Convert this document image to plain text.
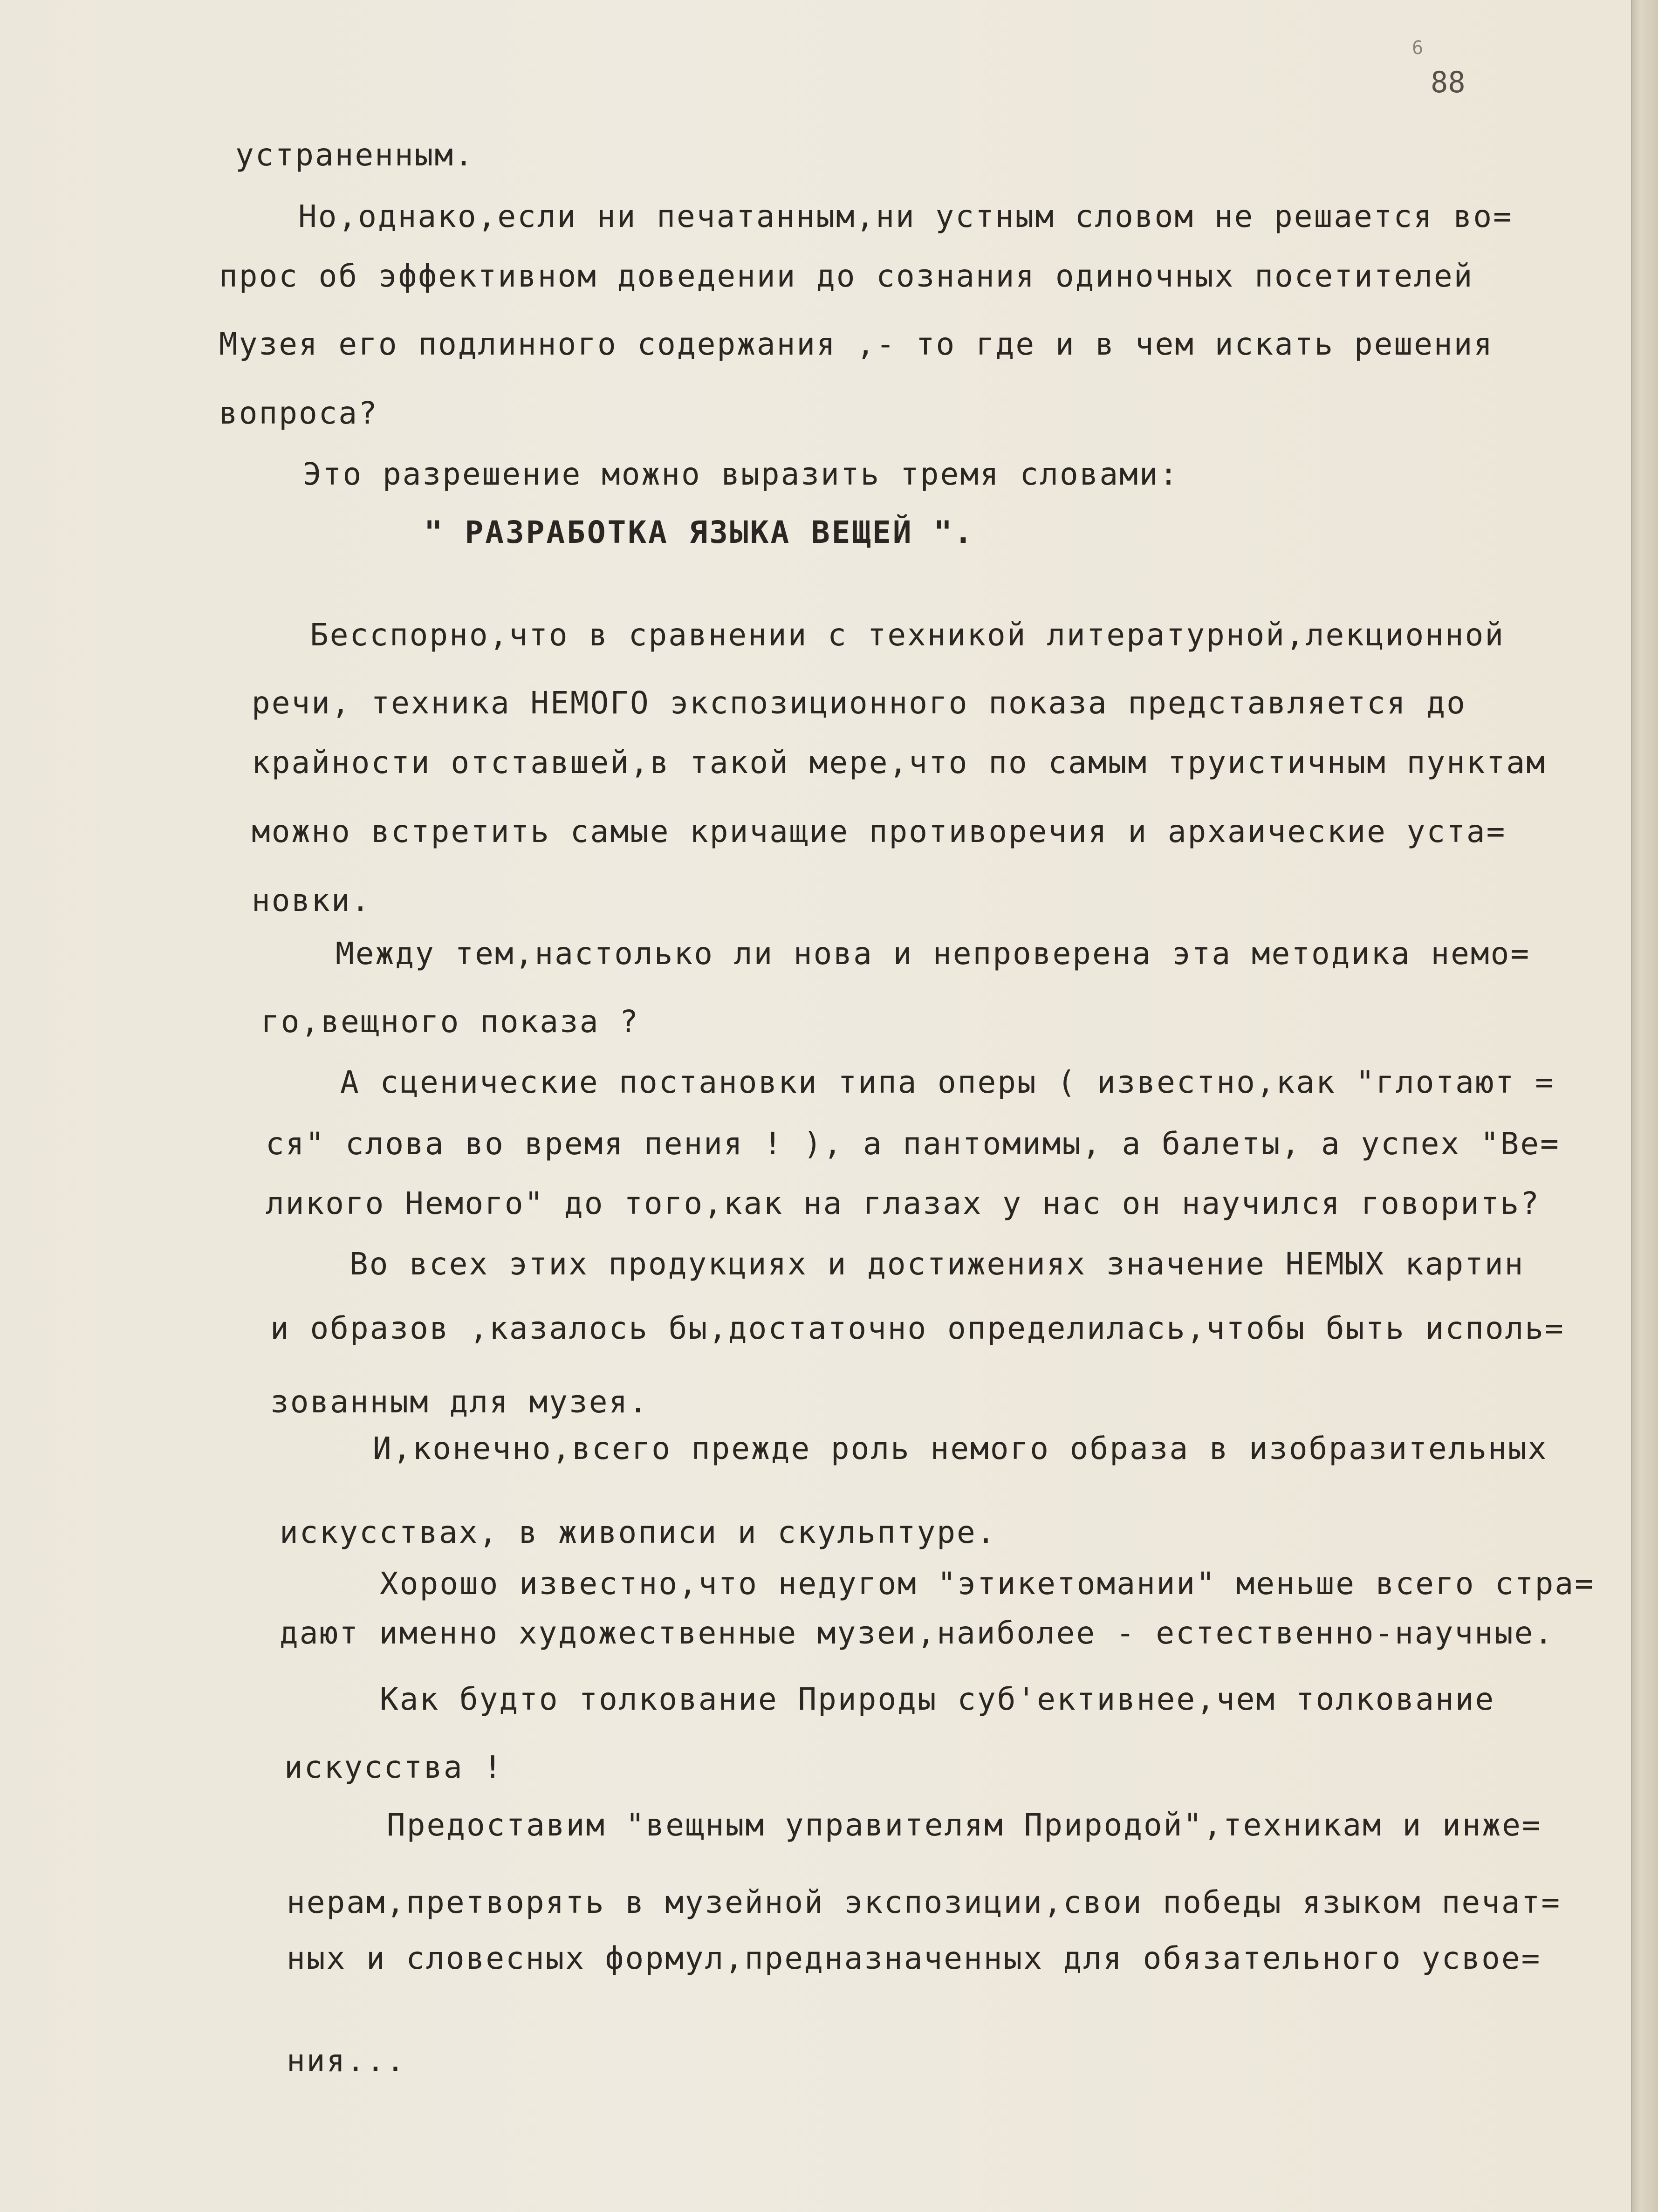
6
88
устраненным.
Но,однако,если ни печатанным,ни устным словом не решается во=
прос об эффективном доведении до сознания одиночных посетителей
Музея его подлинного содержания ,- то где и в чем искать решения
вопроса?
Это разрешение можно выразить тремя словами:
" РАЗРАБОТКА ЯЗЫКА ВЕЩЕЙ ".
Бесспорно,что в сравнении с техникой литературной,лекционной
речи, техника НЕМОГО экспозиционного показа представляется до
крайности отставшей,в такой мере,что по самым труистичным пунктам
можно встретить самые кричащие противоречия и архаические уста=
новки.
Между тем,настолько ли нова и непроверена эта методика немо=
го,вещного показа ?
А сценические постановки типа оперы ( известно,как "глотают =
ся" слова во время пения ! ), а пантомимы, а балеты, а успех "Ве=
ликого Немого" до того,как на глазах у нас он научился говорить?
Во всех этих продукциях и достижениях значение НЕМЫХ картин
и образов ,казалось бы,достаточно определилась,чтобы быть исполь=
зованным для музея.
И,конечно,всего прежде роль немого образа в изобразительных
искусствах, в живописи и скульптуре.
Хорошо известно,что недугом "этикетомании" меньше всего стра=
дают именно художественные музеи,наиболее - естественно-научные.
Как будто толкование Природы суб'ективнее,чем толкование
искусства !
Предоставим "вещным управителям Природой",техникам и инже=
нерам,претворять в музейной экспозиции,свои победы языком печат=
ных и словесных формул,предназначенных для обязательного усвое=
ния...
